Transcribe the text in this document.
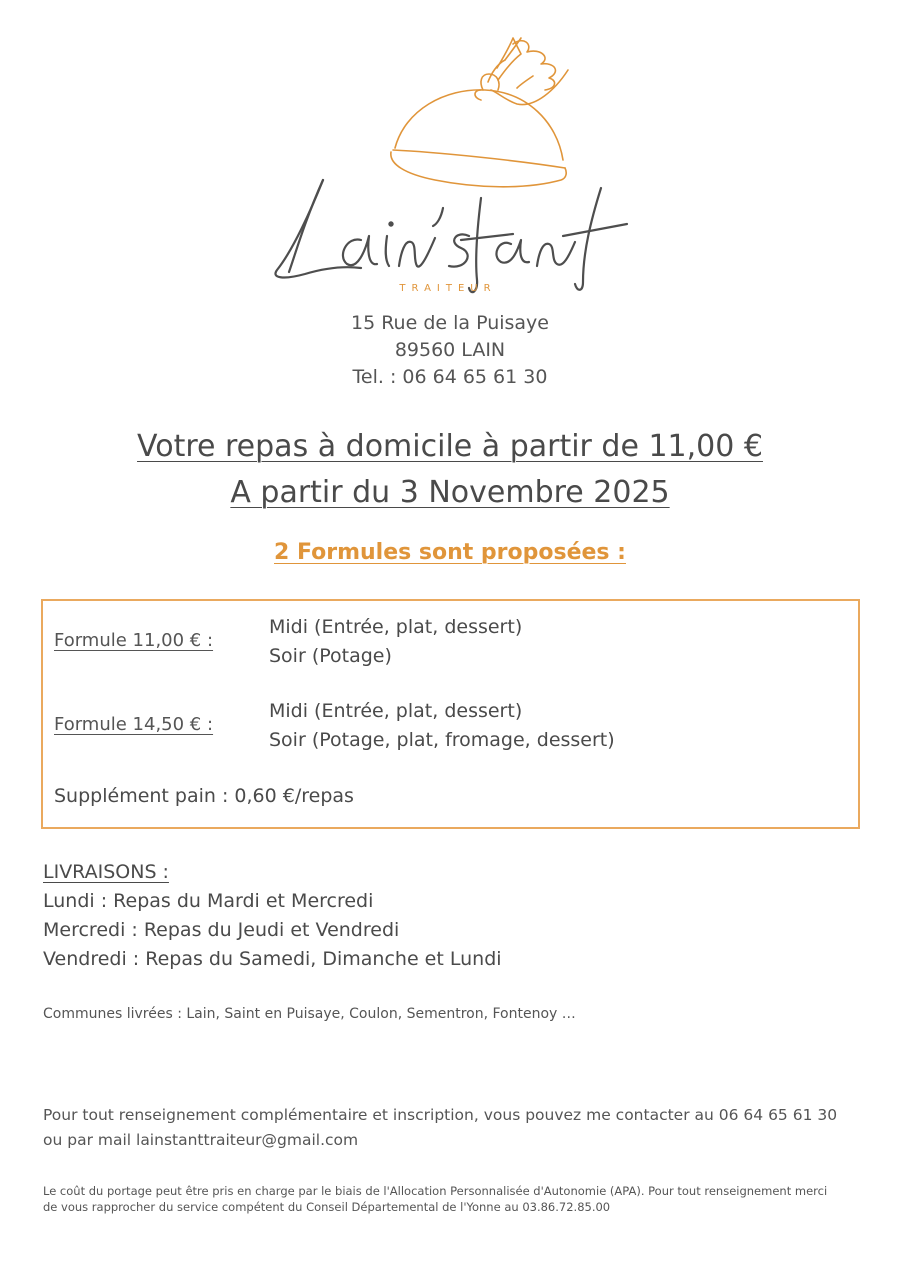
TRAITEUR
15 Rue de la Puisaye
89560 LAIN
Tel. : 06 64 65 61 30
Votre repas à domicile à partir de 11,00 €
A partir du 3 Novembre 2025
2 Formules sont proposées :
Formule 11,00 € :
Midi (Entrée, plat, dessert)
Soir (Potage)
Formule 14,50 € :
Midi (Entrée, plat, dessert)
Soir (Potage, plat, fromage, dessert)
Supplément pain : 0,60 €/repas
LIVRAISONS :
Lundi : Repas du Mardi et Mercredi
Mercredi : Repas du Jeudi et Vendredi
Vendredi : Repas du Samedi, Dimanche et Lundi
Communes livrées : Lain, Saint en Puisaye, Coulon, Sementron, Fontenoy …
Pour tout renseignement complémentaire et inscription, vous pouvez me contacter au 06 64 65 61 30
ou par mail lainstanttraiteur@gmail.com
Le coût du portage peut être pris en charge par le biais de l'Allocation Personnalisée d'Autonomie (APA). Pour tout renseignement merci
de vous rapprocher du service compétent du Conseil Départemental de l'Yonne au 03.86.72.85.00
